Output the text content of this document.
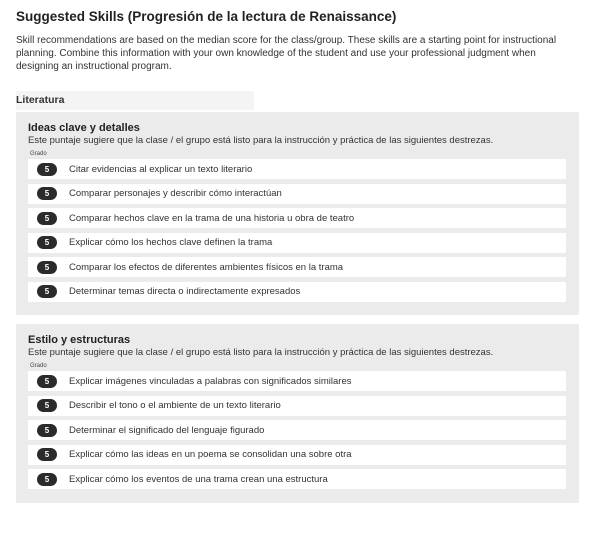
Suggested Skills (Progresión de la lectura de Renaissance)
Skill recommendations are based on the median score for the class/group. These skills are a starting point for instructional planning. Combine this information with your own knowledge of the student and use your professional judgment when designing an instructional program.
Literatura
Ideas clave y detalles
Este puntaje sugiere que la clase / el grupo está listo para la instrucción y práctica de las siguientes destrezas.
Grado
5	Citar evidencias al explicar un texto literario
5	Comparar personajes y describir cómo interactúan
5	Comparar hechos clave en la trama de una historia u obra de teatro
5	Explicar cómo los hechos clave definen la trama
5	Comparar los efectos de diferentes ambientes físicos en la trama
5	Determinar temas directa o indirectamente expresados
Estilo y estructuras
Este puntaje sugiere que la clase / el grupo está listo para la instrucción y práctica de las siguientes destrezas.
Grado
5	Explicar imágenes vinculadas a palabras con significados similares
5	Describir el tono o el ambiente de un texto literario
5	Determinar el significado del lenguaje figurado
5	Explicar cómo las ideas en un poema se consolidan una sobre otra
5	Explicar cómo los eventos de una trama crean una estructura
